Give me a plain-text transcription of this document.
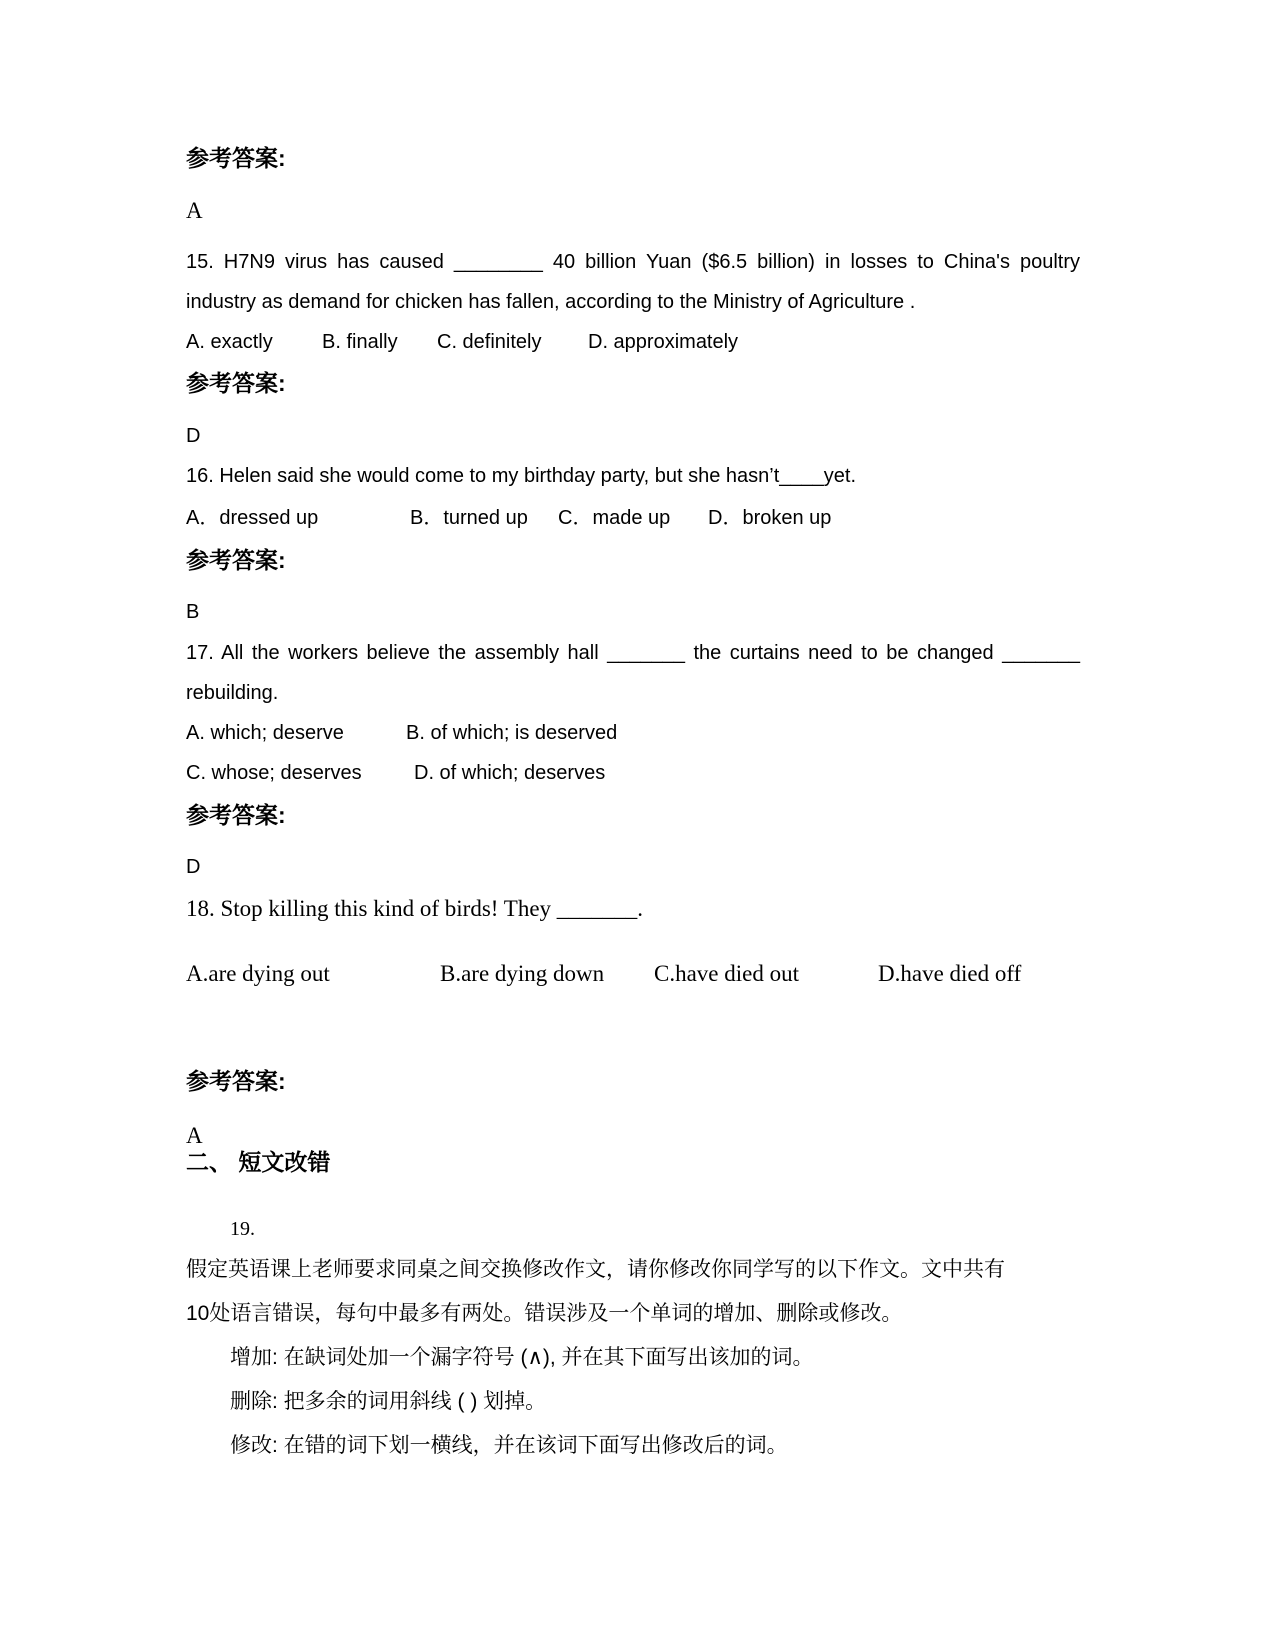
参考答案:
A
15. H7N9 virus has caused ________ 40 billion Yuan ($6.5 billion) in losses to China's poultry
industry as demand for chicken has fallen, according to the Ministry of Agriculture .
A. exactly B. finally C. definitely D. approximately
参考答案:
D
16. Helen said she would come to my birthday party, but she hasn’t____yet.
A．dressed up	B．turned up C．made up D．broken up
参考答案:
B
17. All the workers believe the assembly hall _______ the curtains need to be changed _______
rebuilding.
A. which; deserve	B. of which; is deserved
C. whose; deserves	D. of which; deserves
参考答案:
D
18. Stop killing this kind of birds! They _______.
A.are dying out	B.are dying down C.have died out	D.have died off
参考答案:
A
二、 短文改错
19.
假定英语课上老师要求同桌之间交换修改作文，请你修改你同学写的以下作文。文中共有
10处语言错误，每句中最多有两处。错误涉及一个单词的增加、删除或修改。
增加: 在缺词处加一个漏字符号 (∧), 并在其下面写出该加的词。
删除: 把多余的词用斜线 ( ) 划掉。
修改: 在错的词下划一横线，并在该词下面写出修改后的词。
